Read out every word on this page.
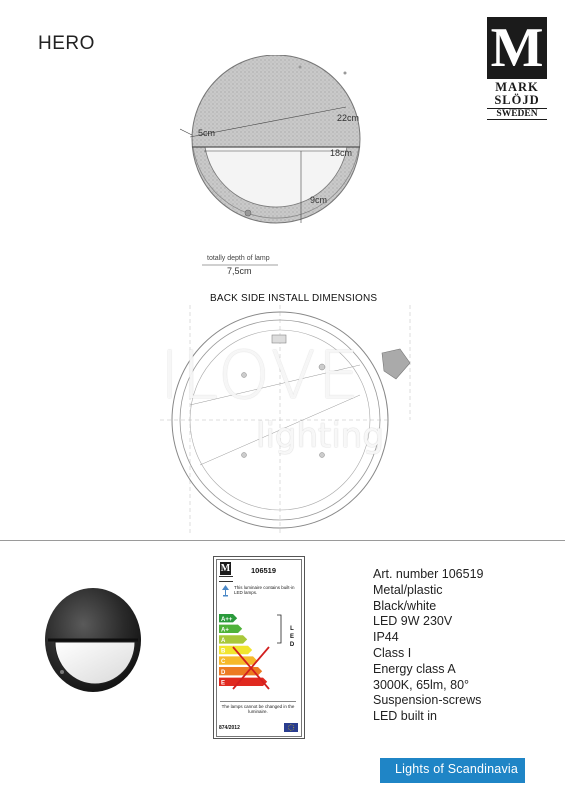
HERO	M
MARK
SLÖJD
SWEDEN
5cm
22cm
18cm
9cm
totally depth of lamp
7,5cm
BACK SIDE INSTALL DIMENSIONS
ILOVE
lighting
M	106519
This luminaire contains built-in LED lamps.
A++
A+
A
B
C
D
E
L
E
D
The lamps cannot be changed in the luminaire.
874/2012
Art. number 106519
Metal/plastic
Black/white
LED 9W 230V
IP44
Class I
Energy class A
3000K, 65lm, 80°
Suspension-screws
LED built in
Lights of Scandinavia
